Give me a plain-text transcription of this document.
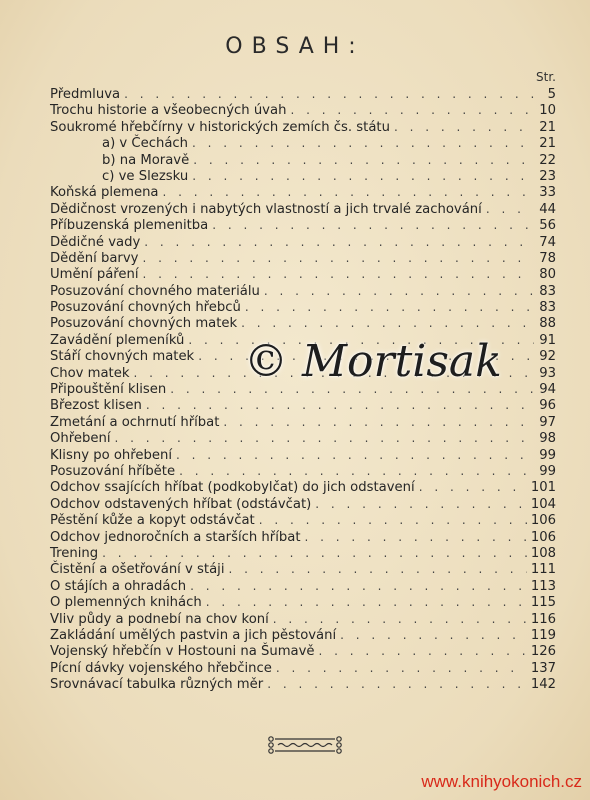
OBSAH:
Str.
Předmluva . . .	5
Trochu historie a všeobecných úvah . . .	10
Soukromé hřebčírny v historických zemích čs. státu . . .	21
a) v Čechách . . .	21
b) na Moravě . . .	22
c) ve Slezsku . . .	23
Koňská plemena . . .	33
Dědičnost vrozených i nabytých vlastností a jich trvalé zachování . . .	44
Příbuzenská plemenitba . . .	56
Dědičné vady . . .	74
Dědění barvy . . .	78
Umění páření . . .	80
Posuzování chovného materiálu . . .	83
Posuzování chovných hřebců . . .	83
Posuzování chovných matek . . .	88
Zavádění plemeníků . . .	91
Stáří chovných matek . . .	92
Chov matek . . .	93
Připouštění klisen . . .	94
Březost klisen . . .	96
Zmetání a ochrnutí hříbat . . .	97
Ohřebení . . .	98
Klisny po ohřebení . . .	99
Posuzování hříběte . . .	99
Odchov ssajících hříbat (podkobylčat) do jich odstavení . . .	101
Odchov odstavených hříbat (odstávčat) . . .	104
Pěstění kůže a kopyt odstávčat . . .	106
Odchov jednoročních a starších hříbat . . .	106
Trening . . .	108
Čistění a ošetřování v stáji . . .	111
O stájích a ohradách . . .	113
O plemenných knihách . . .	115
Vliv půdy a podnebí na chov koní . . .	116
Zakládání umělých pastvin a jich pěstování . . .	119
Vojenský hřebčín v Hostouni na Šumavě . . .	126
Pícní dávky vojenského hřebčince . . .	137
Srovnávací tabulka různých měr . . .	142
© Mortisak
www.knihyokonich.cz
